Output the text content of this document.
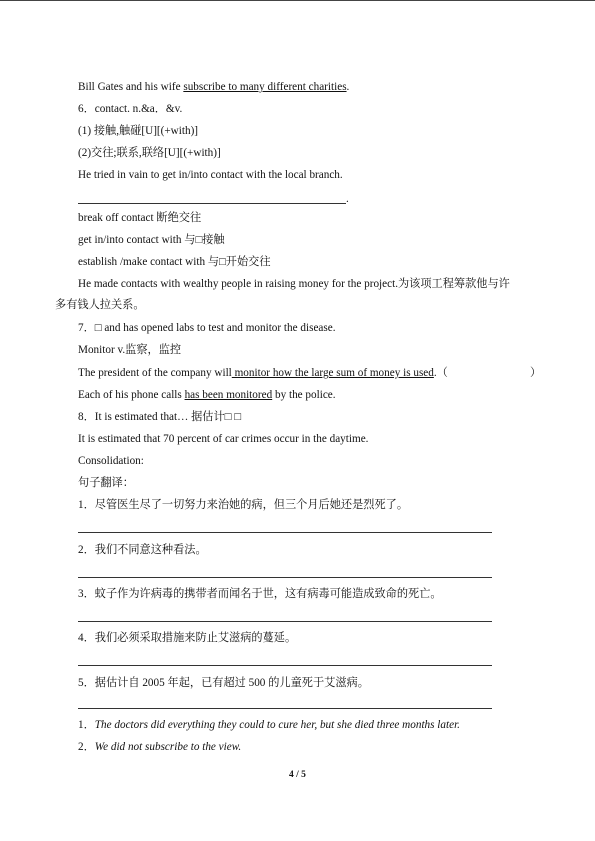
Bill Gates and his wife subscribe to many different charities.
6．contact. n.&a．&v.
(1) 接触,触碰[U][(+with)]
(2)交往;联系,联络[U][(+with)]
He tried in vain to get in/into contact with the local branch.
.
break off contact 断绝交往
get in/into contact with 与□接触
establish /make contact with 与□开始交往
He made contacts with wealthy people in raising money for the project.为该项工程筹款他与许
多有钱人拉关系。
7．□ and has opened labs to test and monitor the disease.
Monitor v.监察，监控
The president of the company will monitor how the large sum of money is used.（	）
Each of his phone calls has been monitored by the police.
8．It is estimated that… 据估计□ □
It is estimated that 70 percent of car crimes occur in the daytime.
Consolidation:
句子翻译：
1．尽管医生尽了一切努力来治她的病，但三个月后她还是烈死了。
2．我们不同意这种看法。
3．蚊子作为许病毒的携带者而闻名于世，这有病毒可能造成致命的死亡。
4．我们必须采取措施来防止艾滋病的蔓延。
5．据估计自 2005 年起，已有超过 500 的儿童死于艾滋病。
1．The doctors did everything they could to cure her, but she died three months later.
2．We did not subscribe to the view.
4 / 5
